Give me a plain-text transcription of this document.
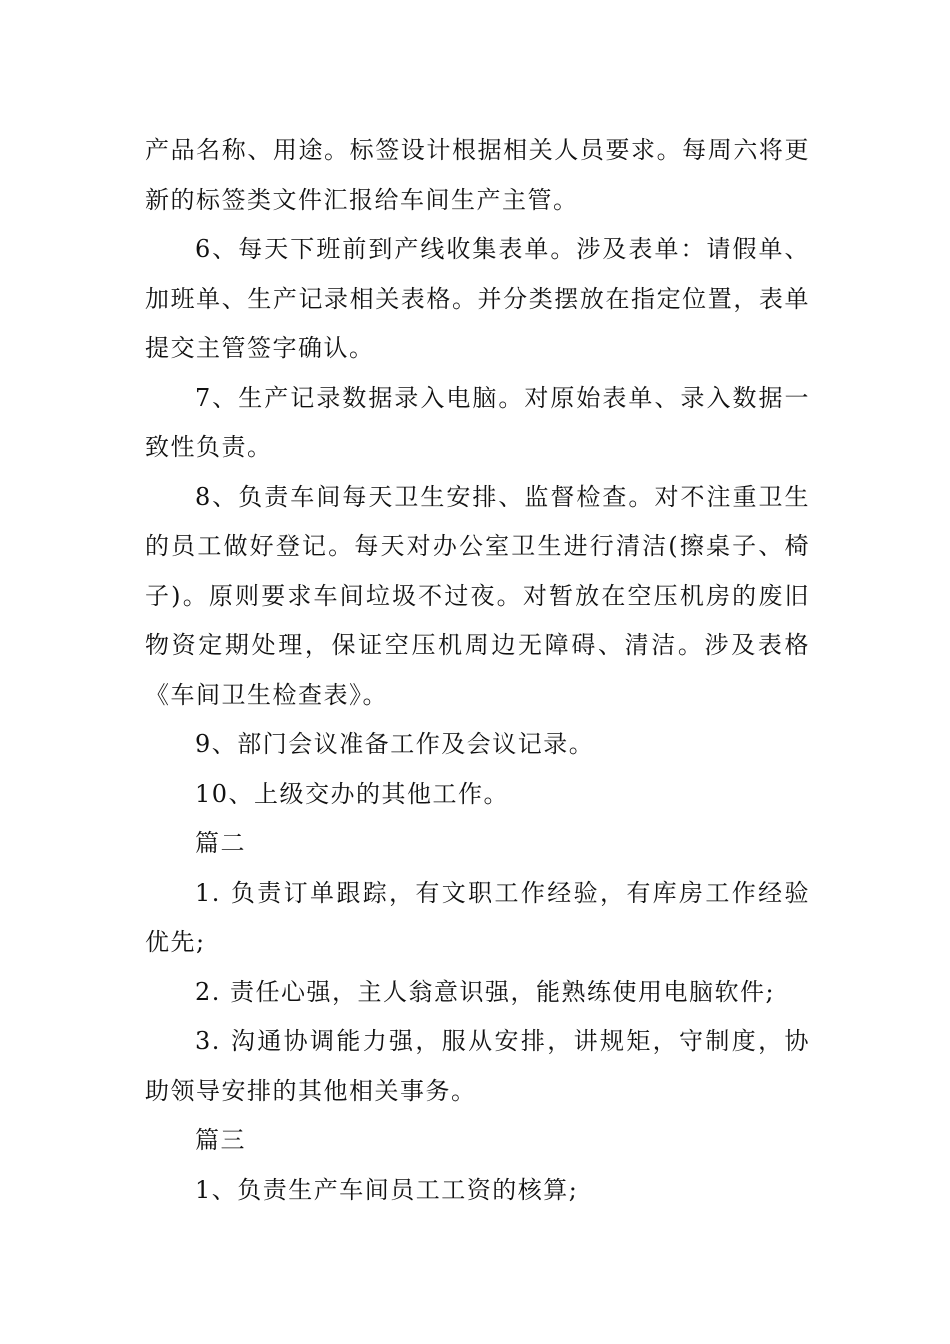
产品名称、用途。标签设计根据相关人员要求。每周六将更新的标签类文件汇报给车间生产主管。

6、每天下班前到产线收集表单。涉及表单：请假单、加班单、生产记录相关表格。并分类摆放在指定位置，表单提交主管签字确认。

7、生产记录数据录入电脑。对原始表单、录入数据一致性负责。

8、负责车间每天卫生安排、监督检查。对不注重卫生的员工做好登记。每天对办公室卫生进行清洁(擦桌子、椅子)。原则要求车间垃圾不过夜。对暂放在空压机房的废旧物资定期处理，保证空压机周边无障碍、清洁。涉及表格《车间卫生检查表》。

9、部门会议准备工作及会议记录。

10、上级交办的其他工作。

篇二

1. 负责订单跟踪，有文职工作经验，有库房工作经验优先;

2. 责任心强，主人翁意识强，能熟练使用电脑软件;

3. 沟通协调能力强，服从安排，讲规矩，守制度，协助领导安排的其他相关事务。

篇三

1、负责生产车间员工工资的核算;
